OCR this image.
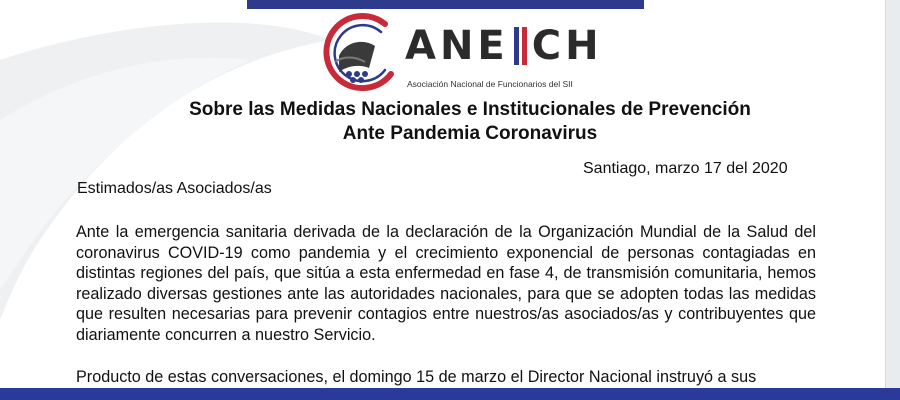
ANE CH
Asociación Nacional de Funcionarios del SII
Sobre las Medidas Nacionales e Institucionales de Prevención
Ante Pandemia Coronavirus
Santiago, marzo 17 del 2020
Estimados/as Asociados/as

Ante la emergencia sanitaria derivada de la declaración de la Organización Mundial de la Salud del coronavirus COVID-19 como pandemia y el crecimiento exponencial de personas contagiadas en distintas regiones del país, que sitúa a esta enfermedad en fase 4, de transmisión comunitaria, hemos realizado diversas gestiones ante las autoridades nacionales, para que se adopten todas las medidas que resulten necesarias para prevenir contagios entre nuestros/as asociados/as y contribuyentes que diariamente concurren a nuestro Servicio.

Producto de estas conversaciones, el domingo 15 de marzo el Director Nacional instruyó a sus
